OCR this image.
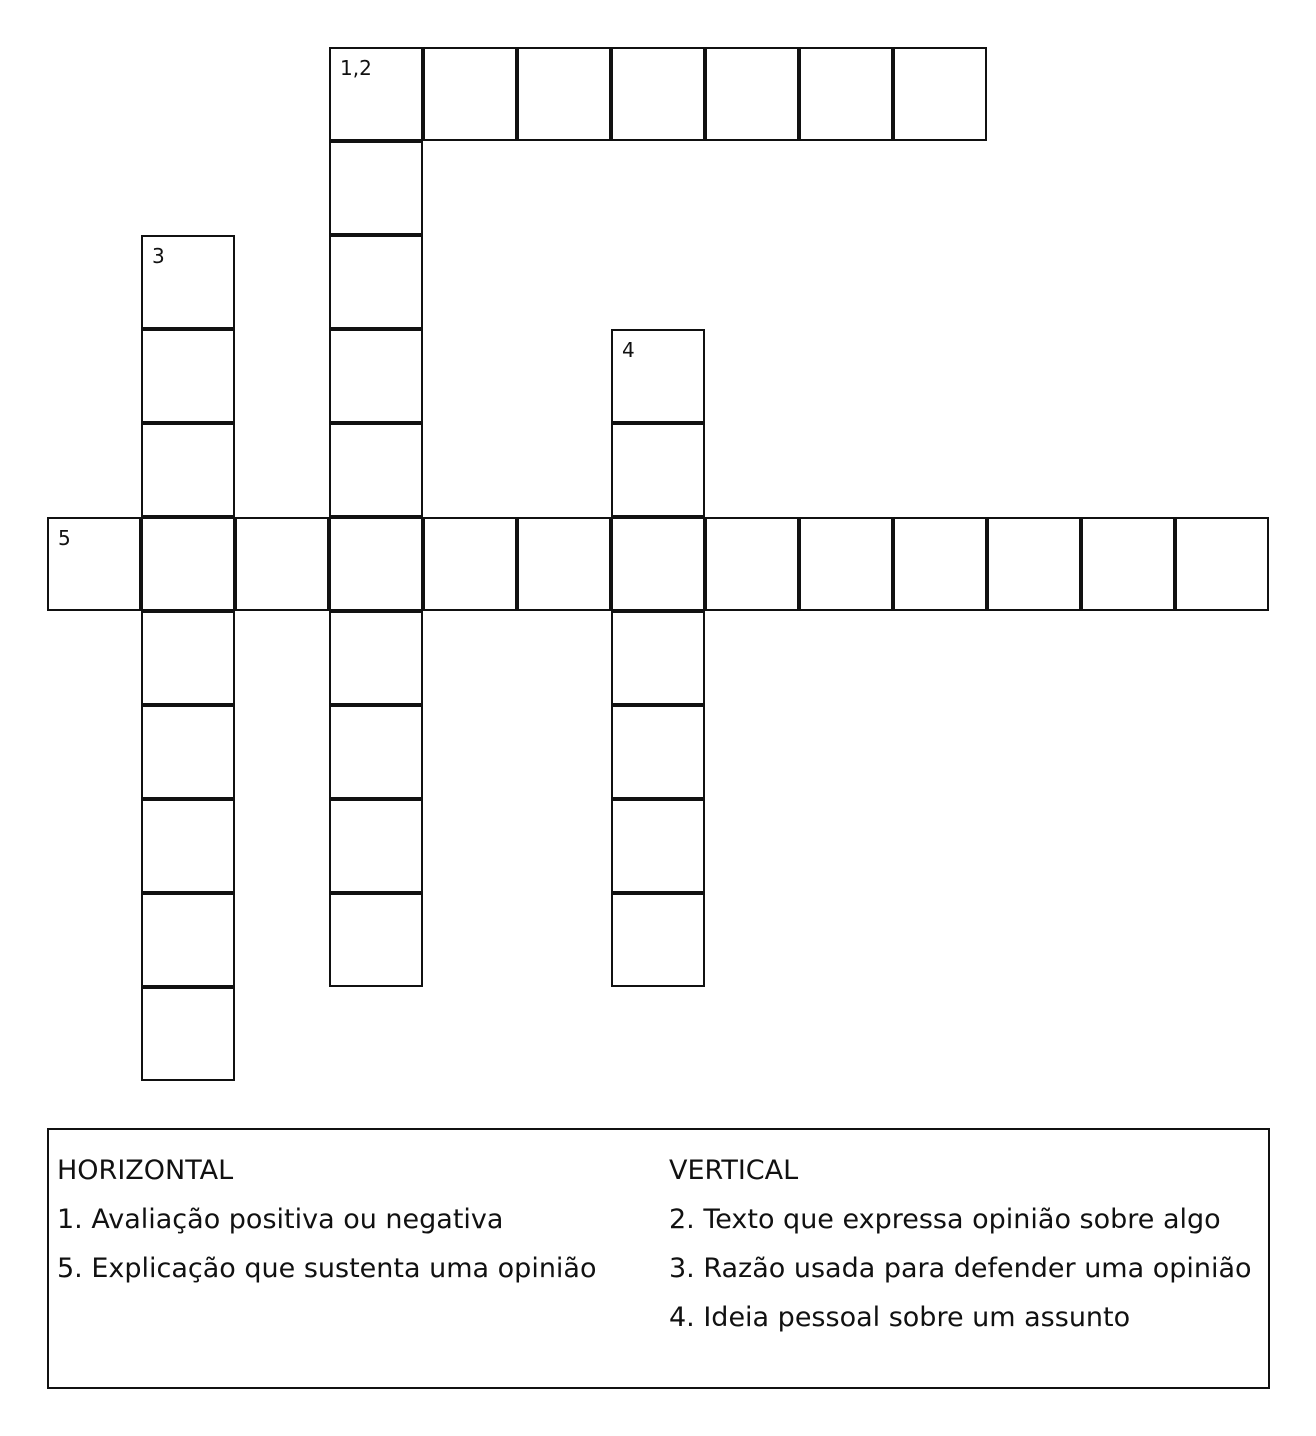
1,2
3
4
5
HORIZONTAL
1. Avaliação positiva ou negativa
5. Explicação que sustenta uma opinião
VERTICAL
2. Texto que expressa opinião sobre algo
3. Razão usada para defender uma opinião
4. Ideia pessoal sobre um assunto
